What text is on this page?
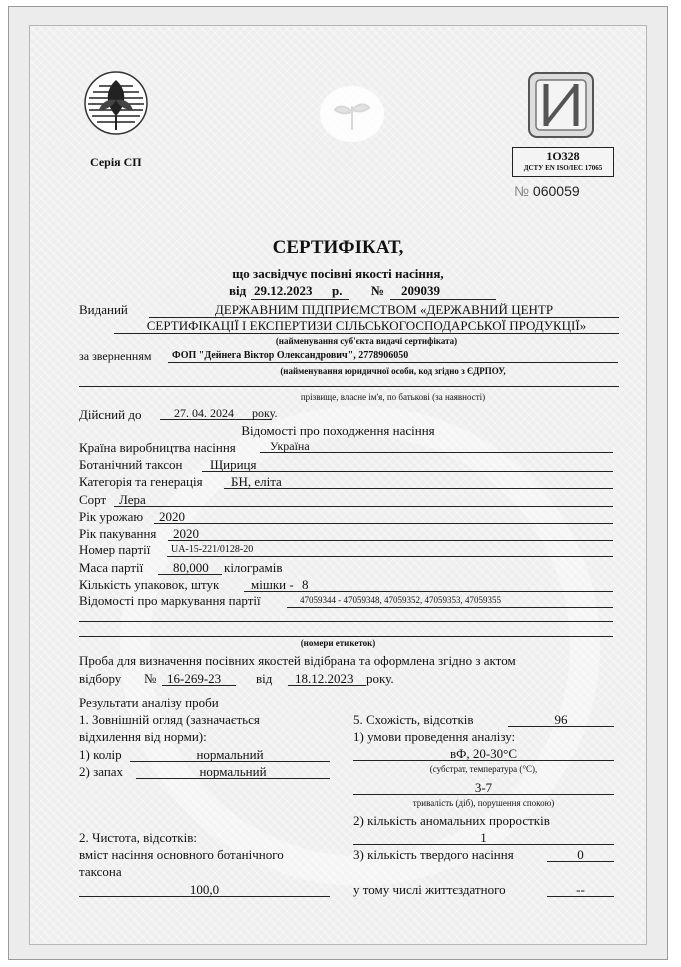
Серія СП	1О328
ДСТУ EN ISO/IEC 17065
№ 060059
СЕРТИФІКАТ,
що засвідчує посівні якості насіння,
від 29.12.2023 р. № 209039
Виданий	ДЕРЖАВНИМ ПІДПРИЄМСТВОМ «ДЕРЖАВНИЙ ЦЕНТР
СЕРТИФІКАЦІЇ І ЕКСПЕРТИЗИ СІЛЬСЬКОГОСПОДАРСЬКОЇ ПРОДУКЦІЇ»
(найменування суб'єкта видачі сертифіката)
за зверненням ФОП "Дейнега Віктор Олександрович", 2778906050
(найменування юридичної особи, код згідно з ЄДРПОУ,
прізвище, власне ім'я, по батькові (за наявності)
Дійсний до	27. 04. 2024 року.
Відомості про походження насіння
Країна виробництва насіння	Україна
Ботанічний таксон Щириця
Категорія та генерація БН, еліта
Сорт Лера
Рік урожаю 2020
Рік пакування 2020
Номер партії UA-15-221/0128-20
Маса партії 80,000 кілограмів
Кількість упаковок, штук мішки - 8
Відомості про маркування партії	47059344 - 47059348, 47059352, 47059353, 47059355
(номери етикеток)
Проба для визначення посівних якостей відібрана та оформлена згідно з актом
відбору № 16-269-23	від 18.12.2023 року.
Результати аналізу проби
1. Зовнішній огляд (зазначається
відхилення від норми):
1) колір	нормальний
2) запах	нормальний
2. Чистота, відсотків:
вміст насіння основного ботанічного
таксона
100,0
5. Схожість, відсотків	96
1) умови проведення аналізу:
вФ, 20-30°С
(субстрат, температура (°С),
3-7
тривалість (діб), порушення спокою)
2) кількість аномальних проростків
1
3) кількість твердого насіння	0
у тому числі життєздатного	--
